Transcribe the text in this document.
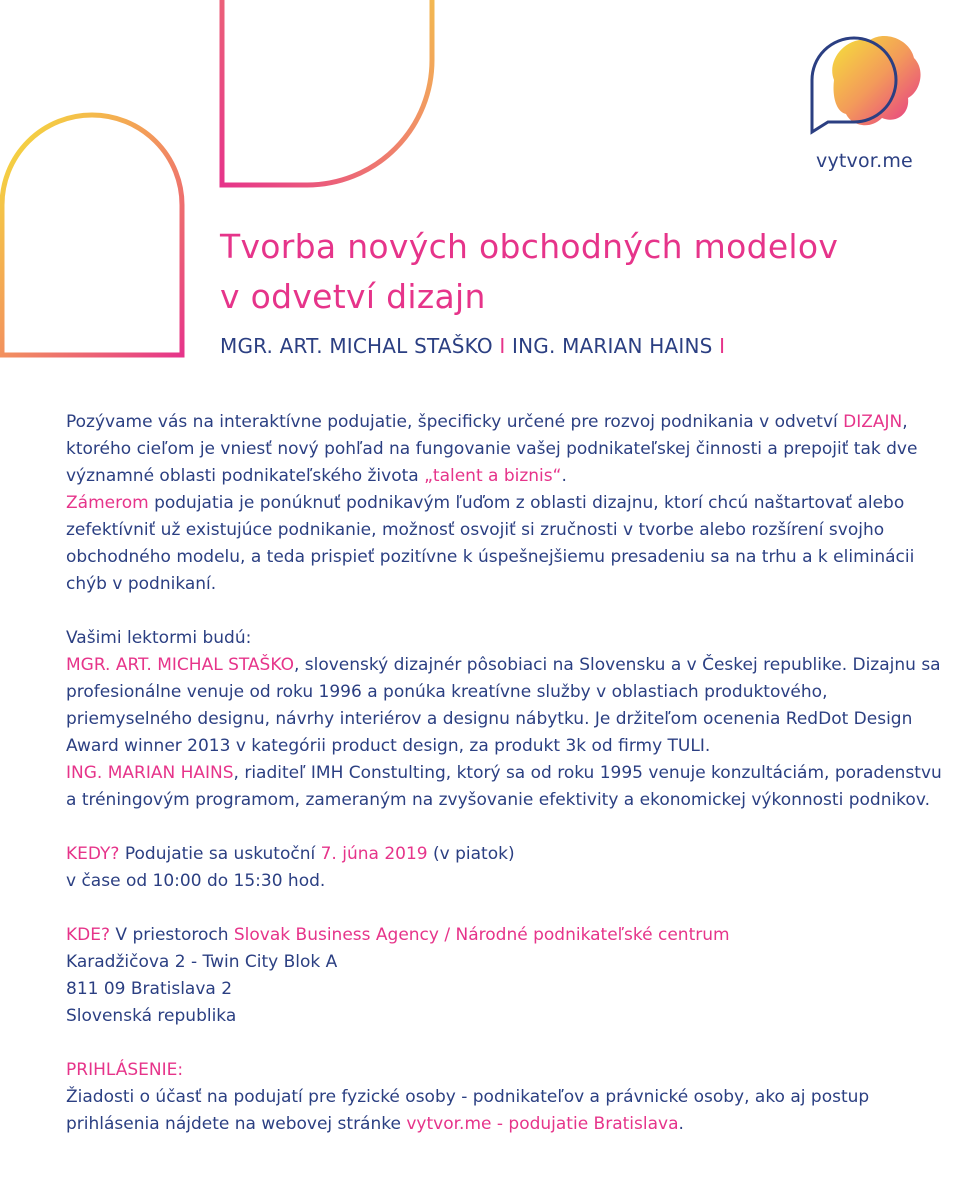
vytvor.me
Tvorba nových obchodných modelov
v odvetví dizajn
MGR. ART. MICHAL STAŠKO I ING. MARIAN HAINS I

Pozývame vás na interaktívne podujatie, špecificky určené pre rozvoj podnikania v odvetví DIZAJN, ktorého cieľom je vniesť nový pohľad na fungovanie vašej podnikateľskej činnosti a prepojiť tak dve významné oblasti podnikateľského života „talent a biznis“.

Zámerom podujatia je ponúknuť podnikavým ľuďom z oblasti dizajnu, ktorí chcú naštartovať alebo zefektívniť už existujúce podnikanie, možnosť osvojiť si zručnosti v tvorbe alebo rozšírení svojho obchodného modelu, a teda prispieť pozitívne k úspešnejšiemu presadeniu sa na trhu a k eliminácii chýb v podnikaní.

Vašimi lektormi budú:

MGR. ART. MICHAL STAŠKO, slovenský dizajnér pôsobiaci na Slovensku a v Českej republike. Dizajnu sa profesionálne venuje od roku 1996 a ponúka kreatívne služby v oblastiach produktového, priemyselného designu, návrhy interiérov a designu nábytku. Je držiteľom ocenenia RedDot Design Award winner 2013 v kategórii product design, za produkt 3k od firmy TULI.

ING. MARIAN HAINS, riaditeľ IMH Constulting, ktorý sa od roku 1995 venuje konzultáciám, poradenstvu a tréningovým programom, zameraným na zvyšovanie efektivity a ekonomickej výkonnosti podnikov.

KEDY? Podujatie sa uskutoční 7. júna 2019 (v piatok)

v čase od 10:00 do 15:30 hod.

KDE? V priestoroch Slovak Business Agency / Národné podnikateľské centrum

Karadžičova 2 - Twin City Blok A

811 09 Bratislava 2

Slovenská republika

PRIHLÁSENIE:

Žiadosti o účasť na podujatí pre fyzické osoby - podnikateľov a právnické osoby, ako aj postup prihlásenia nájdete na webovej stránke vytvor.me - podujatie Bratislava.
